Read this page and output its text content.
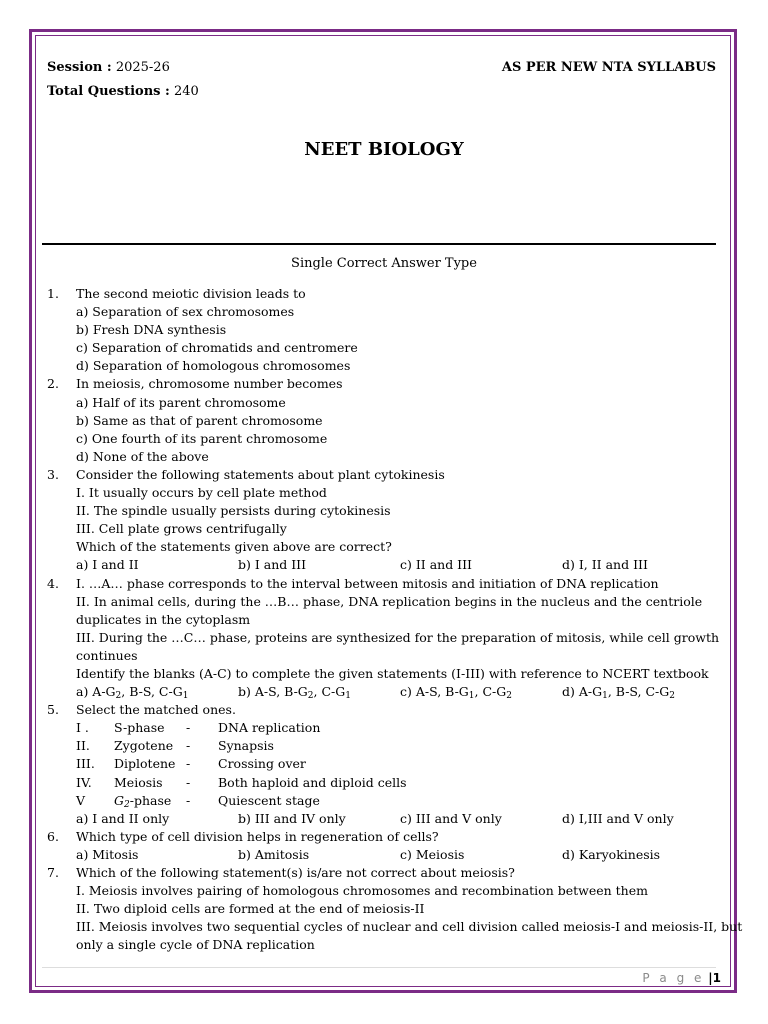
Session : 2025-26
Total Questions : 240
AS PER NEW NTA SYLLABUS
NEET BIOLOGY
Single Correct Answer Type
1.	The second meiotic division leads to
a) Separation of sex chromosomes
b) Fresh DNA synthesis
c) Separation of chromatids and centromere
d) Separation of homologous chromosomes
2.	In meiosis, chromosome number becomes
a) Half of its parent chromosome
b) Same as that of parent chromosome
c) One fourth of its parent chromosome
d) None of the above
3.	Consider the following statements about plant cytokinesis
I. It usually occurs by cell plate method
II. The spindle usually persists during cytokinesis
III. Cell plate grows centrifugally
Which of the statements given above are correct?
a) I and II	b) I and III	c) II and III	d) I, II and III
4.	I. …A… phase corresponds to the interval between mitosis and initiation of DNA replication
II. In animal cells, during the …B… phase, DNA replication begins in the nucleus and the centriole
duplicates in the cytoplasm
III. During the …C… phase, proteins are synthesized for the preparation of mitosis, while cell growth
continues
Identify the blanks (A-C) to complete the given statements (I-III) with reference to NCERT textbook
a) $A-G_2$, B-S, $C-G_1$	b) A-S, $B-G_2$, $C-G_1$	c) A-S, $B-G_1$, $C-G_2$	d) $A-G_1$, B-S, $C-G_2$
5.	Select the matched ones.
I .	S-phase	-	DNA replication
II.	Zygotene	-	Synapsis
III.	Diplotene -	Crossing over
IV.	Meiosis	-	Both haploid and diploid cells
V	$G_2$-phase	-	Quiescent stage
a) I and II only	b) III and IV only	c) III and V only	d) I,III and V only
6.	Which type of cell division helps in regeneration of cells?
a) Mitosis	b) Amitosis	c) Meiosis	d) Karyokinesis
7.	Which of the following statement(s) is/are not correct about meiosis?
I. Meiosis involves pairing of homologous chromosomes and recombination between them
II. Two diploid cells are formed at the end of meiosis-II
III. Meiosis involves two sequential cycles of nuclear and cell division called meiosis-I and meiosis-II, but
only a single cycle of DNA replication
P a g e |1
